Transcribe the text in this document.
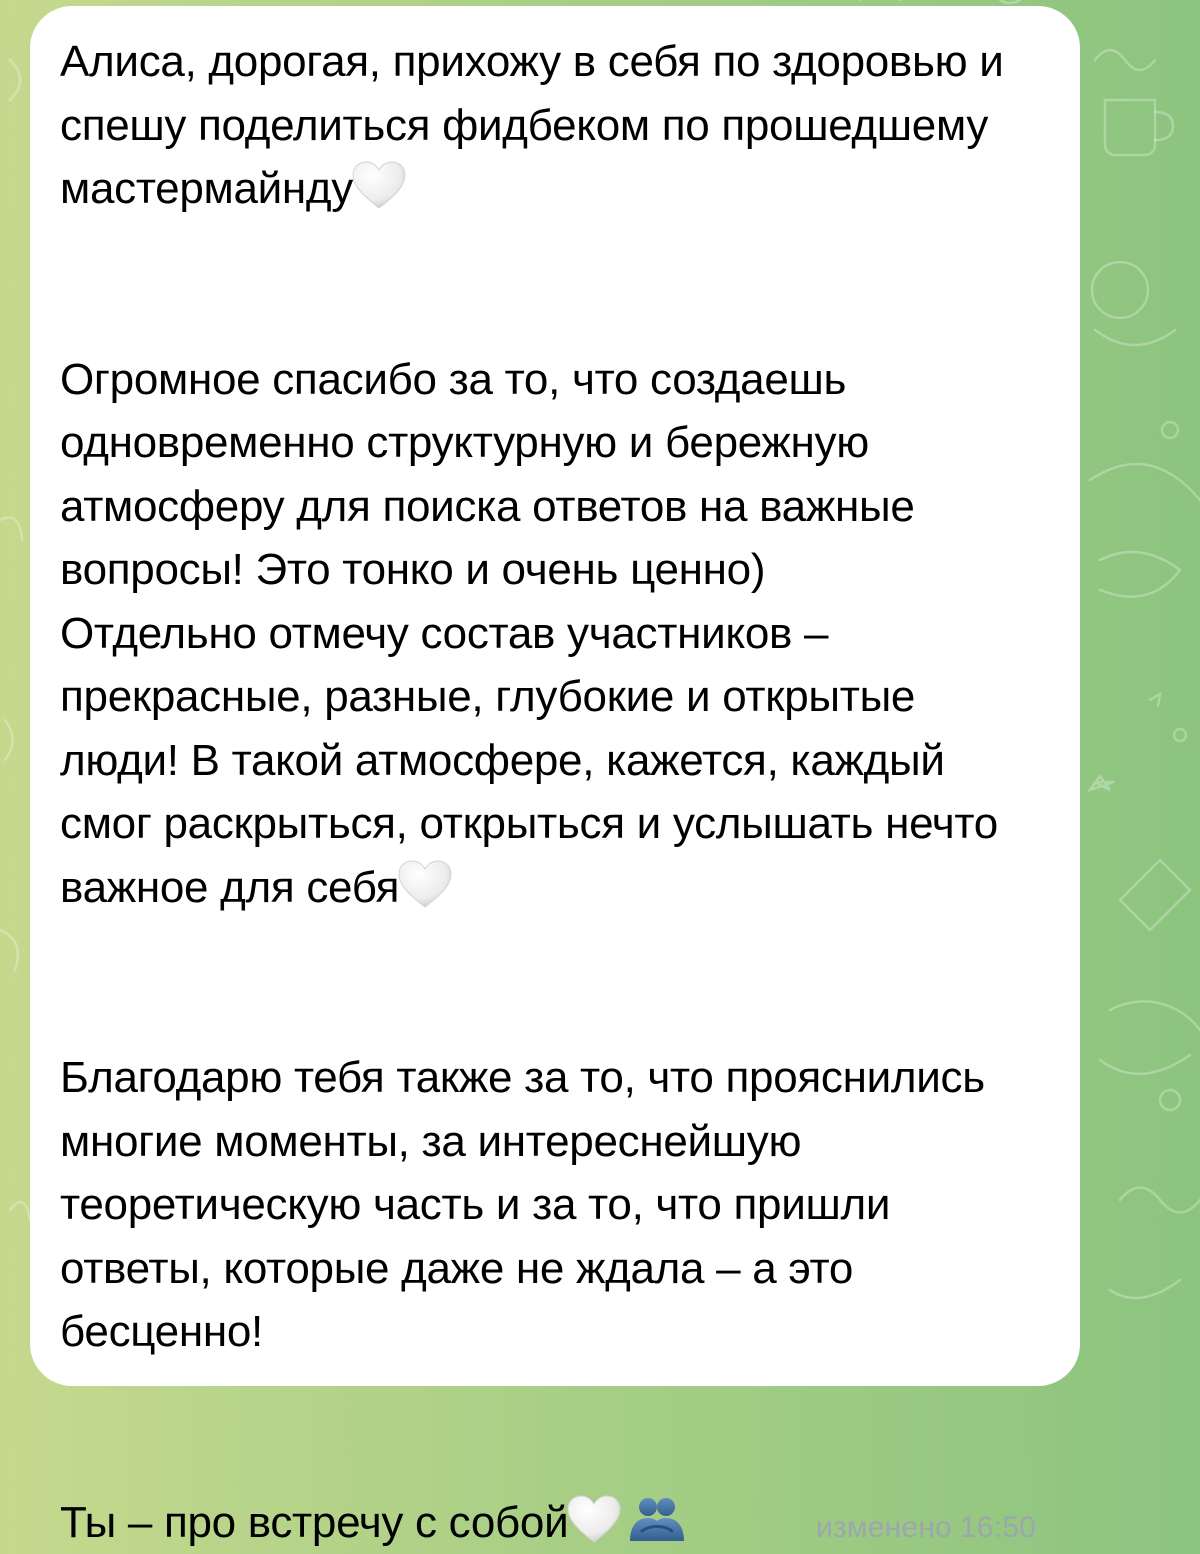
Алиса, дорогая, прихожу в себя по здоровью и спешу поделиться фидбеком по прошедшему мастермайнду

Огромное спасибо за то, что создаешь одновременно структурную и бережную атмосферу для поиска ответов на важные вопросы! Это тонко и очень ценно)

Отдельно отмечу состав участников – прекрасные, разные, глубокие и открытые люди! В такой атмосфере, кажется, каждый смог раскрыться, открыться и услышать нечто важное для себя

Благодарю тебя также за то, что прояснились многие моменты, за интереснейшую теоретическую часть и за то, что пришли ответы, которые даже не ждала – а это бесценно!

Ты – про встречу с собой	изменено 16:50
